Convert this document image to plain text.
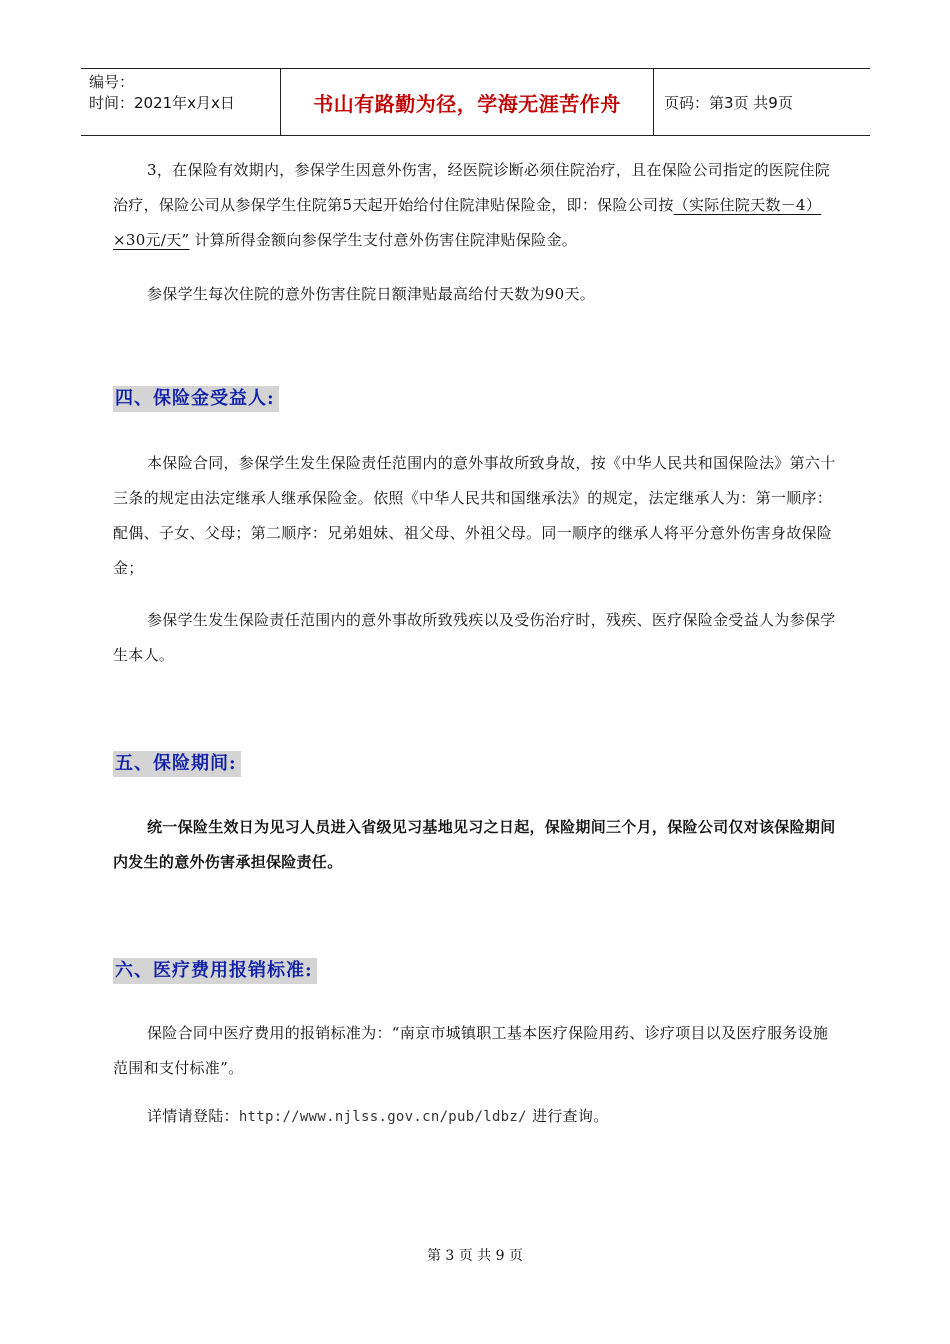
编号：
时间：2021年x月x日	书山有路勤为径，学海无涯苦作舟	页码：第3页 共9页
3，在保险有效期内，参保学生因意外伤害，经医院诊断必须住院治疗，且在保险公司指定的医院住院治疗，保险公司从参保学生住院第5天起开始给付住院津贴保险金，即：保险公司按（实际住院天数－4）×30元/天” 计算所得金额向参保学生支付意外伤害住院津贴保险金。
参保学生每次住院的意外伤害住院日额津贴最高给付天数为90天。
四、保险金受益人:
本保险合同，参保学生发生保险责任范围内的意外事故所致身故，按《中华人民共和国保险法》第六十三条的规定由法定继承人继承保险金。依照《中华人民共和国继承法》的规定，法定继承人为：第一顺序：配偶、子女、父母；第二顺序：兄弟姐妹、祖父母、外祖父母。同一顺序的继承人将平分意外伤害身故保险金；
参保学生发生保险责任范围内的意外事故所致残疾以及受伤治疗时，残疾、医疗保险金受益人为参保学生本人。
五、保险期间:
统一保险生效日为见习人员进入省级见习基地见习之日起，保险期间三个月，保险公司仅对该保险期间内发生的意外伤害承担保险责任。
六、医疗费用报销标准:
保险合同中医疗费用的报销标准为：“南京市城镇职工基本医疗保险用药、诊疗项目以及医疗服务设施范围和支付标准”。
详情请登陆：http://www.njlss.gov.cn/pub/ldbz/ 进行查询。
第 3 页 共 9 页
